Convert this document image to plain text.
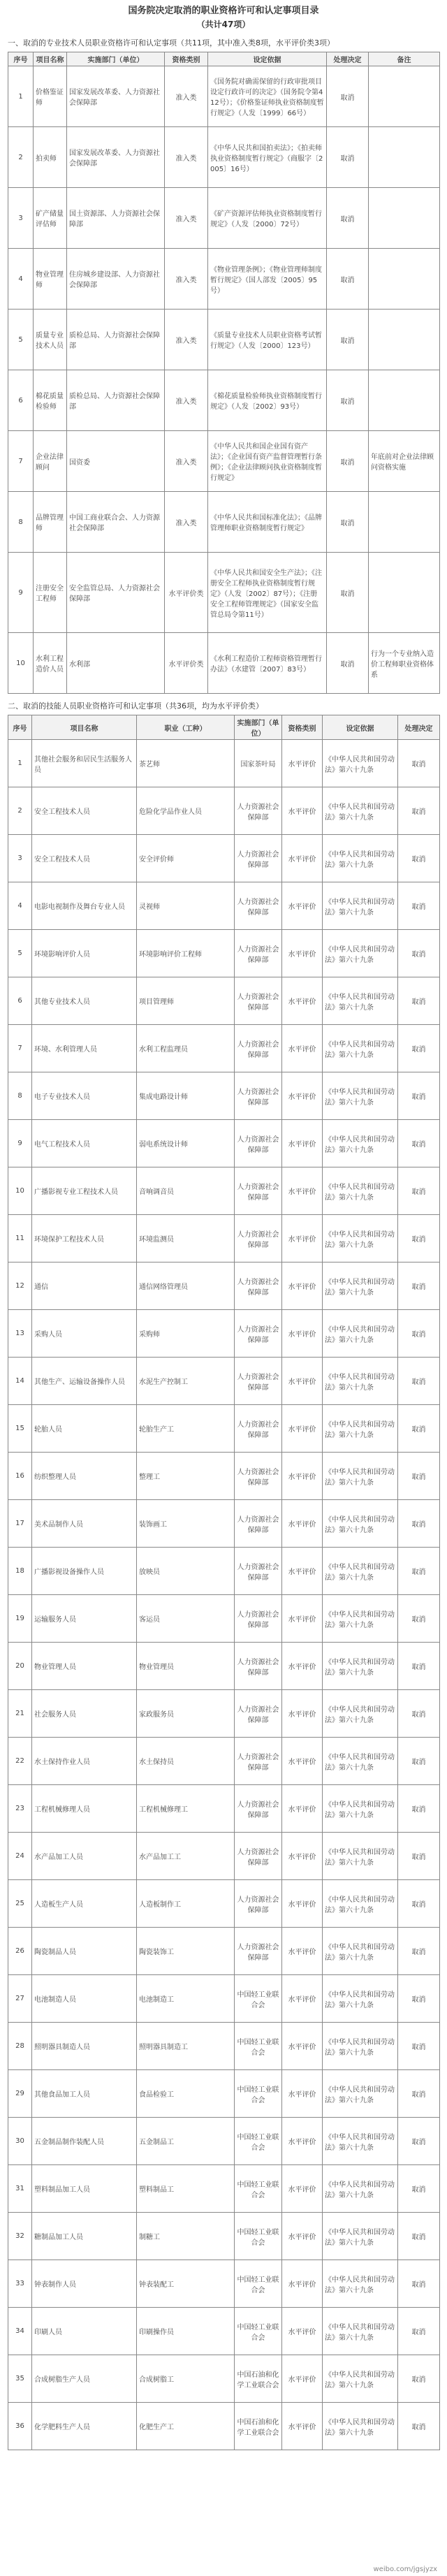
国务院决定取消的职业资格许可和认定事项目录
（共计47项）
一、取消的专业技术人员职业资格许可和认定事项（共11项，其中准入类8项，水平评价类3项）
序号	项目名称	实施部门（单位）	资格类别	设定依据	处理决定	备注
1	价格鉴证师	国家发展改革委、人力资源社会保障部	准入类	《国务院对确需保留的行政审批项目设定行政许可的决定》（国务院令第412号）；《价格鉴证师执业资格制度暂行规定》（人发〔1999〕66号）	取消	
2	拍卖师	国家发展改革委、人力资源社会保障部	准入类	《中华人民共和国拍卖法》；《拍卖师执业资格制度暂行规定》（商服字〔2005〕16号）	取消	
3	矿产储量评估师	国土资源部、人力资源社会保障部	准入类	《矿产资源评估师执业资格制度暂行规定》（人发〔2000〕72号）	取消	
4	物业管理师	住房城乡建设部、人力资源社会保障部	准入类	《物业管理条例》；《物业管理师制度暂行规定》（国人部发〔2005〕95号）	取消	
5	质量专业技术人员	质检总局、人力资源社会保障部	准入类	《质量专业技术人员职业资格考试暂行规定》（人发〔2000〕123号）	取消	
6	棉花质量检验师	质检总局、人力资源社会保障部	准入类	《棉花质量检验师执业资格制度暂行规定》（人发〔2002〕93号）	取消	
7	企业法律顾问	国资委	准入类	《中华人民共和国企业国有资产法》；《企业国有资产监督管理暂行条例》；《企业法律顾问执业资格制度暂行规定》	取消	年底前对企业法律顾问资格实施
8	品牌管理师	中国工商业联合会、人力资源社会保障部	准入类	《中华人民共和国标准化法》；《品牌管理师职业资格制度暂行规定》	取消	
9	注册安全工程师	安全监管总局、人力资源社会保障部	水平评价类	《中华人民共和国安全生产法》；《注册安全工程师执业资格制度暂行规定》（人发〔2002〕87号）；《注册安全工程师管理规定》（国家安全监管总局令第11号）	取消	
10	水利工程造价人员	水利部	水平评价类	《水利工程造价工程师资格管理暂行办法》（水建管〔2007〕83号）	取消	行为一个专业纳入造价工程师职业资格体系
二、取消的技能人员职业资格许可和认定事项（共36项，均为水平评价类）
序号	项目名称	职业（工种）	实施部门（单位）	资格类别	设定依据	处理决定
1	其他社会服务和居民生活服务人员	茶艺师	国家茶叶局	水平评价	《中华人民共和国劳动法》第六十九条	取消
2	安全工程技术人员	危险化学品作业人员	人力资源社会保障部	水平评价	《中华人民共和国劳动法》第六十九条	取消
3	安全工程技术人员	安全评价师	人力资源社会保障部	水平评价	《中华人民共和国劳动法》第六十九条	取消
4	电影电视制作及舞台专业人员	灵视师	人力资源社会保障部	水平评价	《中华人民共和国劳动法》第六十九条	取消
5	环境影响评价人员	环境影响评价工程师	人力资源社会保障部	水平评价	《中华人民共和国劳动法》第六十九条	取消
6	其他专业技术人员	项目管理师	人力资源社会保障部	水平评价	《中华人民共和国劳动法》第六十九条	取消
7	环境、水利管理人员	水利工程监理员	人力资源社会保障部	水平评价	《中华人民共和国劳动法》第六十九条	取消
8	电子专业技术人员	集成电路设计师	人力资源社会保障部	水平评价	《中华人民共和国劳动法》第六十九条	取消
9	电气工程技术人员	弱电系统设计师	人力资源社会保障部	水平评价	《中华人民共和国劳动法》第六十九条	取消
10	广播影视专业工程技术人员	音响调音员	人力资源社会保障部	水平评价	《中华人民共和国劳动法》第六十九条	取消
11	环境保护工程技术人员	环境监测员	人力资源社会保障部	水平评价	《中华人民共和国劳动法》第六十九条	取消
12	通信	通信网络管理员	人力资源社会保障部	水平评价	《中华人民共和国劳动法》第六十九条	取消
13	采购人员	采购师	人力资源社会保障部	水平评价	《中华人民共和国劳动法》第六十九条	取消
14	其他生产、运输设备操作人员	水泥生产控制工	人力资源社会保障部	水平评价	《中华人民共和国劳动法》第六十九条	取消
15	轮胎人员	轮胎生产工	人力资源社会保障部	水平评价	《中华人民共和国劳动法》第六十九条	取消
16	纺织整理人员	整理工	人力资源社会保障部	水平评价	《中华人民共和国劳动法》第六十九条	取消
17	美术品制作人员	装饰画工	人力资源社会保障部	水平评价	《中华人民共和国劳动法》第六十九条	取消
18	广播影视设备操作人员	放映员	人力资源社会保障部	水平评价	《中华人民共和国劳动法》第六十九条	取消
19	运输服务人员	客运员	人力资源社会保障部	水平评价	《中华人民共和国劳动法》第六十九条	取消
20	物业管理人员	物业管理员	人力资源社会保障部	水平评价	《中华人民共和国劳动法》第六十九条	取消
21	社会服务人员	家政服务员	人力资源社会保障部	水平评价	《中华人民共和国劳动法》第六十九条	取消
22	水土保持作业人员	水土保持员	人力资源社会保障部	水平评价	《中华人民共和国劳动法》第六十九条	取消
23	工程机械修理人员	工程机械修理工	人力资源社会保障部	水平评价	《中华人民共和国劳动法》第六十九条	取消
24	水产品加工人员	水产品加工工	人力资源社会保障部	水平评价	《中华人民共和国劳动法》第六十九条	取消
25	人造板生产人员	人造板制作工	人力资源社会保障部	水平评价	《中华人民共和国劳动法》第六十九条	取消
26	陶瓷制品人员	陶瓷装饰工	人力资源社会保障部	水平评价	《中华人民共和国劳动法》第六十九条	取消
27	电池制造人员	电池制造工	中国轻工业联合会	水平评价	《中华人民共和国劳动法》第六十九条	取消
28	照明器具制造人员	照明器具制造工	中国轻工业联合会	水平评价	《中华人民共和国劳动法》第六十九条	取消
29	其他食品加工人员	食品检验工	中国轻工业联合会	水平评价	《中华人民共和国劳动法》第六十九条	取消
30	五金制品制作装配人员	五金制品工	中国轻工业联合会	水平评价	《中华人民共和国劳动法》第六十九条	取消
31	塑料制品加工人员	塑料制品工	中国轻工业联合会	水平评价	《中华人民共和国劳动法》第六十九条	取消
32	糖制品加工人员	制糖工	中国轻工业联合会	水平评价	《中华人民共和国劳动法》第六十九条	取消
33	钟表制作人员	钟表装配工	中国轻工业联合会	水平评价	《中华人民共和国劳动法》第六十九条	取消
34	印刷人员	印刷操作员	中国轻工业联合会	水平评价	《中华人民共和国劳动法》第六十九条	取消
35	合成树脂生产人员	合成树脂工	中国石油和化学工业联合会	水平评价	《中华人民共和国劳动法》第六十九条	取消
36	化学肥料生产人员	化肥生产工	中国石油和化学工业联合会	水平评价	《中华人民共和国劳动法》第六十九条	取消
weibo.com/jgsjyzx
